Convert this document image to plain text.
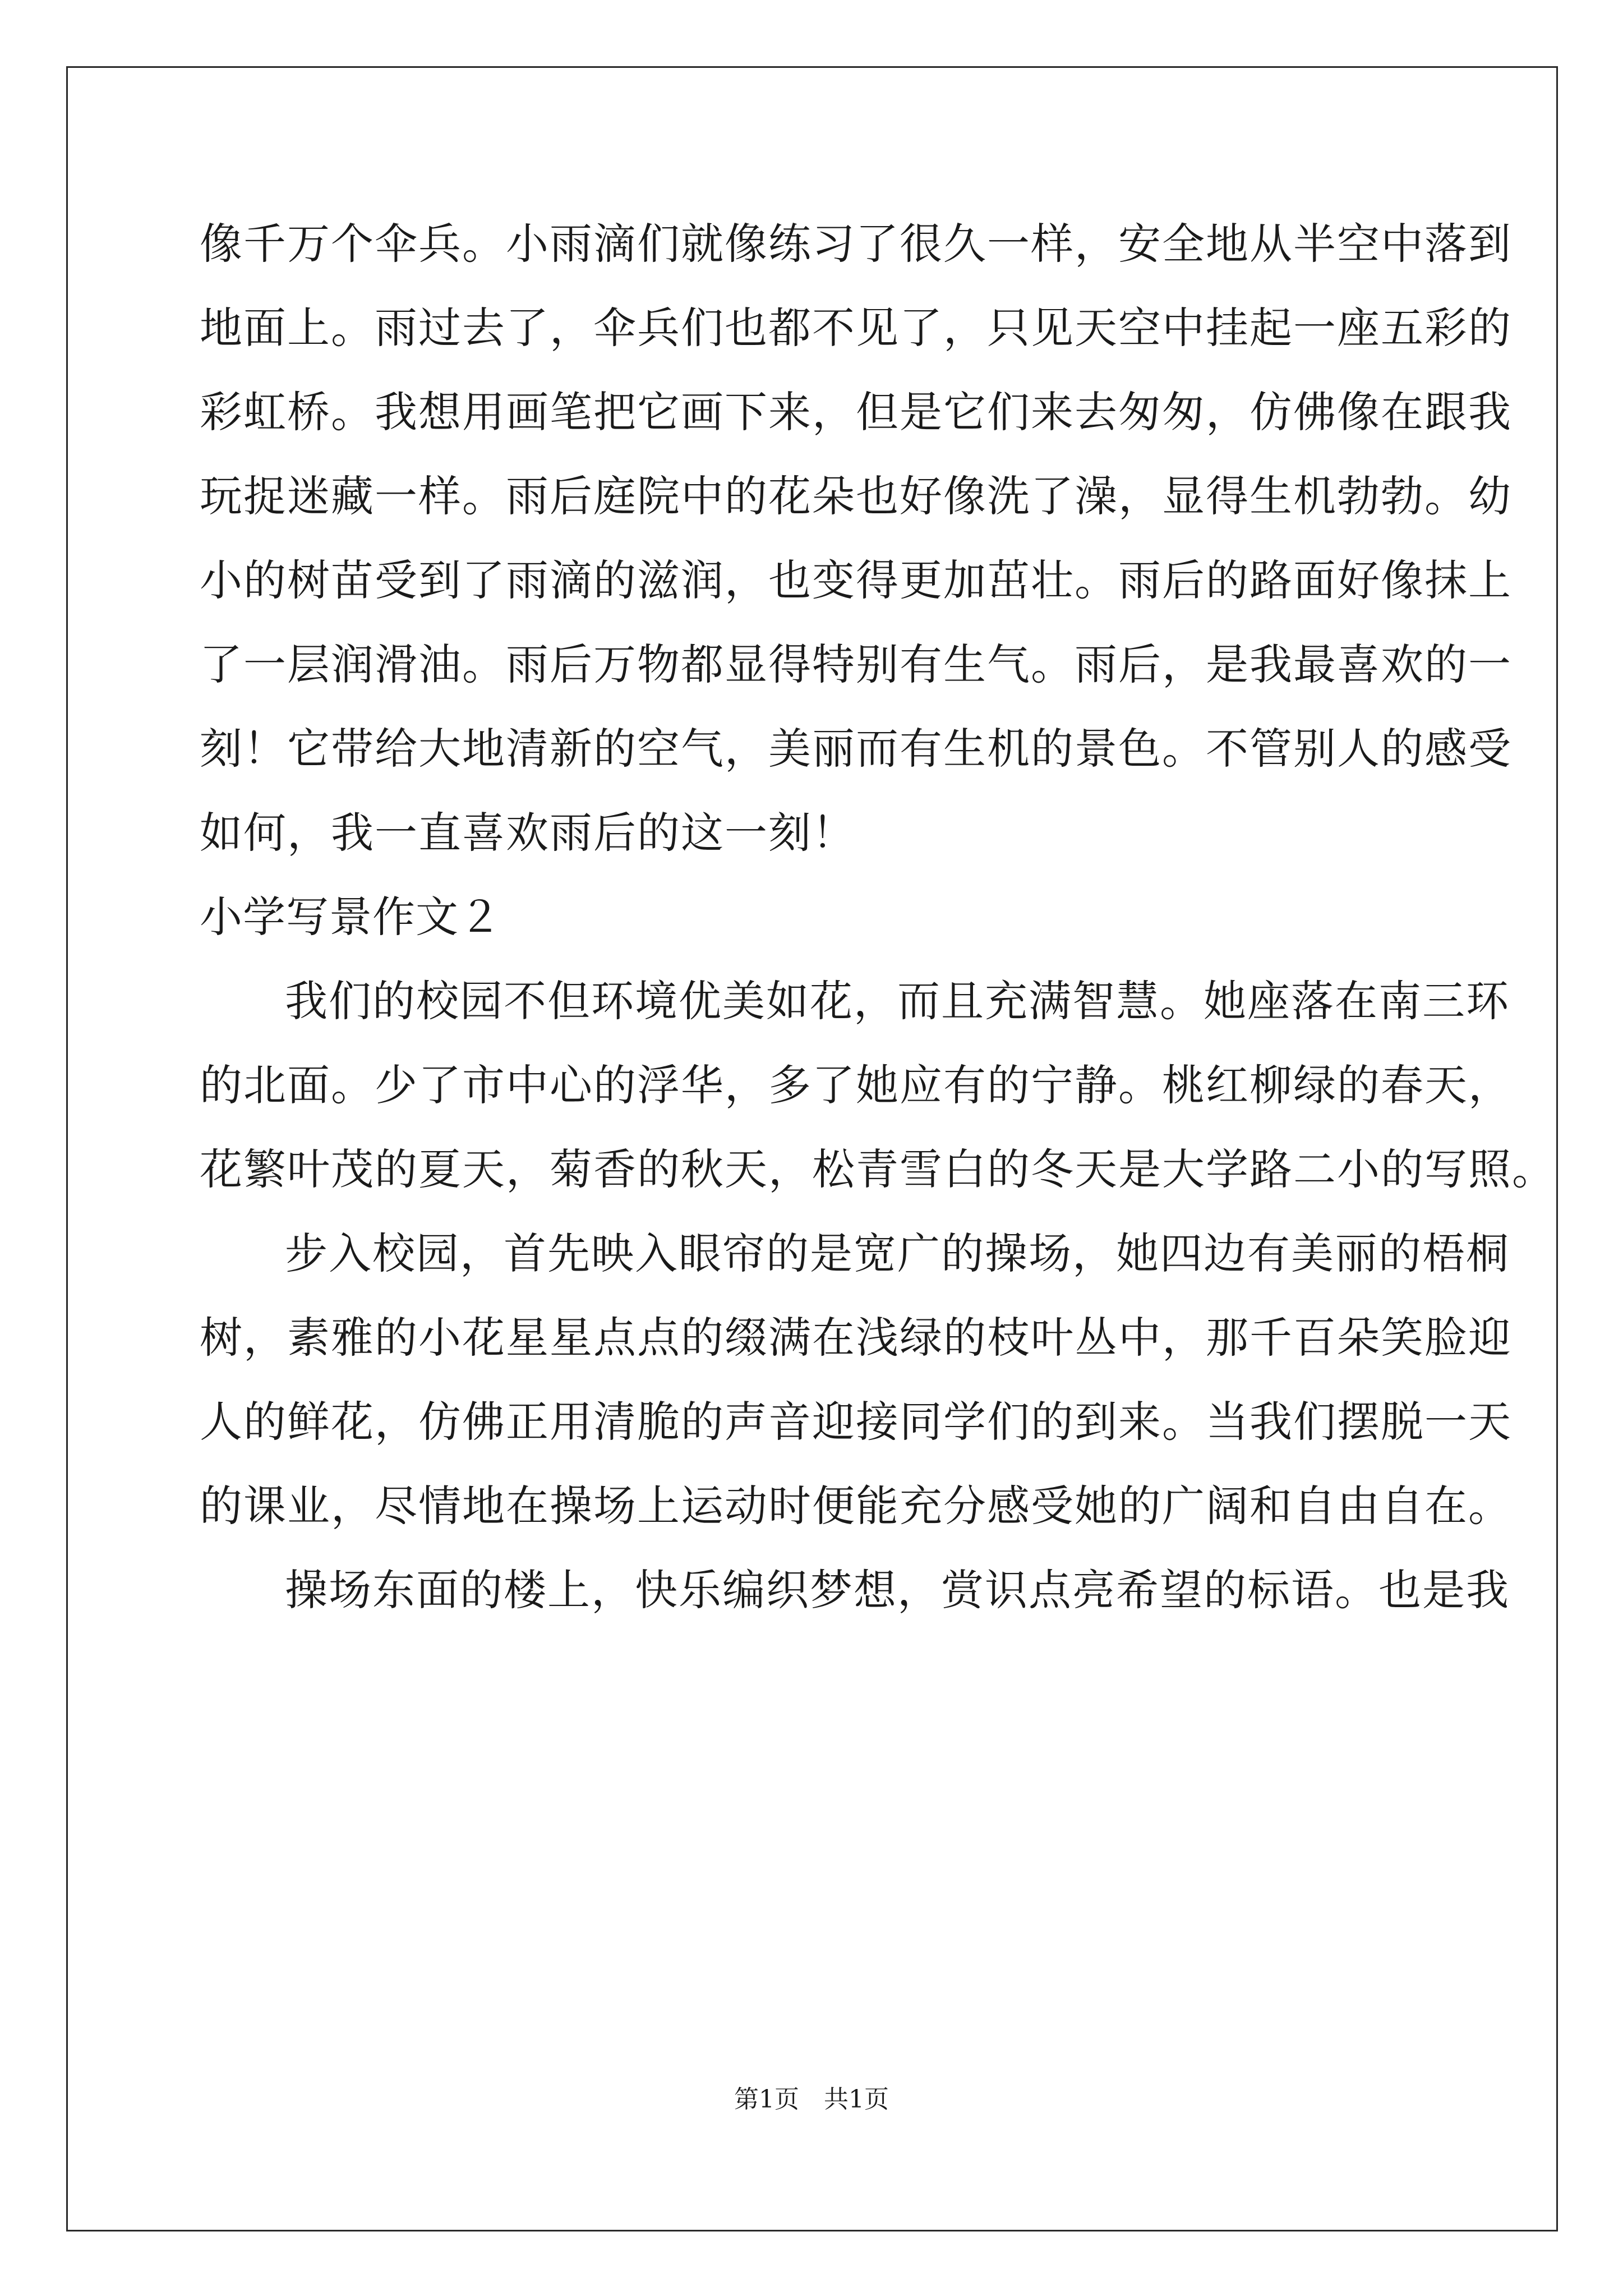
像千万个伞兵。小雨滴们就像练习了很久一样，安全地从半空中落到
地面上。雨过去了，伞兵们也都不见了，只见天空中挂起一座五彩的
彩虹桥。我想用画笔把它画下来，但是它们来去匆匆，仿佛像在跟我
玩捉迷藏一样。雨后庭院中的花朵也好像洗了澡，显得生机勃勃。幼
小的树苗受到了雨滴的滋润，也变得更加茁壮。雨后的路面好像抹上
了一层润滑油。雨后万物都显得特别有生气。雨后，是我最喜欢的一
刻！它带给大地清新的空气，美丽而有生机的景色。不管别人的感受
如何，我一直喜欢雨后的这一刻！
小学写景作文２
我们的校园不但环境优美如花，而且充满智慧。她座落在南三环
的北面。少了市中心的浮华，多了她应有的宁静。桃红柳绿的春天，
花繁叶茂的夏天，菊香的秋天，松青雪白的冬天是大学路二小的写照。
步入校园，首先映入眼帘的是宽广的操场，她四边有美丽的梧桐
树，素雅的小花星星点点的缀满在浅绿的枝叶丛中，那千百朵笑脸迎
人的鲜花，仿佛正用清脆的声音迎接同学们的到来。当我们摆脱一天
的课业，尽情地在操场上运动时便能充分感受她的广阔和自由自在。
操场东面的楼上，快乐编织梦想，赏识点亮希望的标语。也是我
第1页　共1页
